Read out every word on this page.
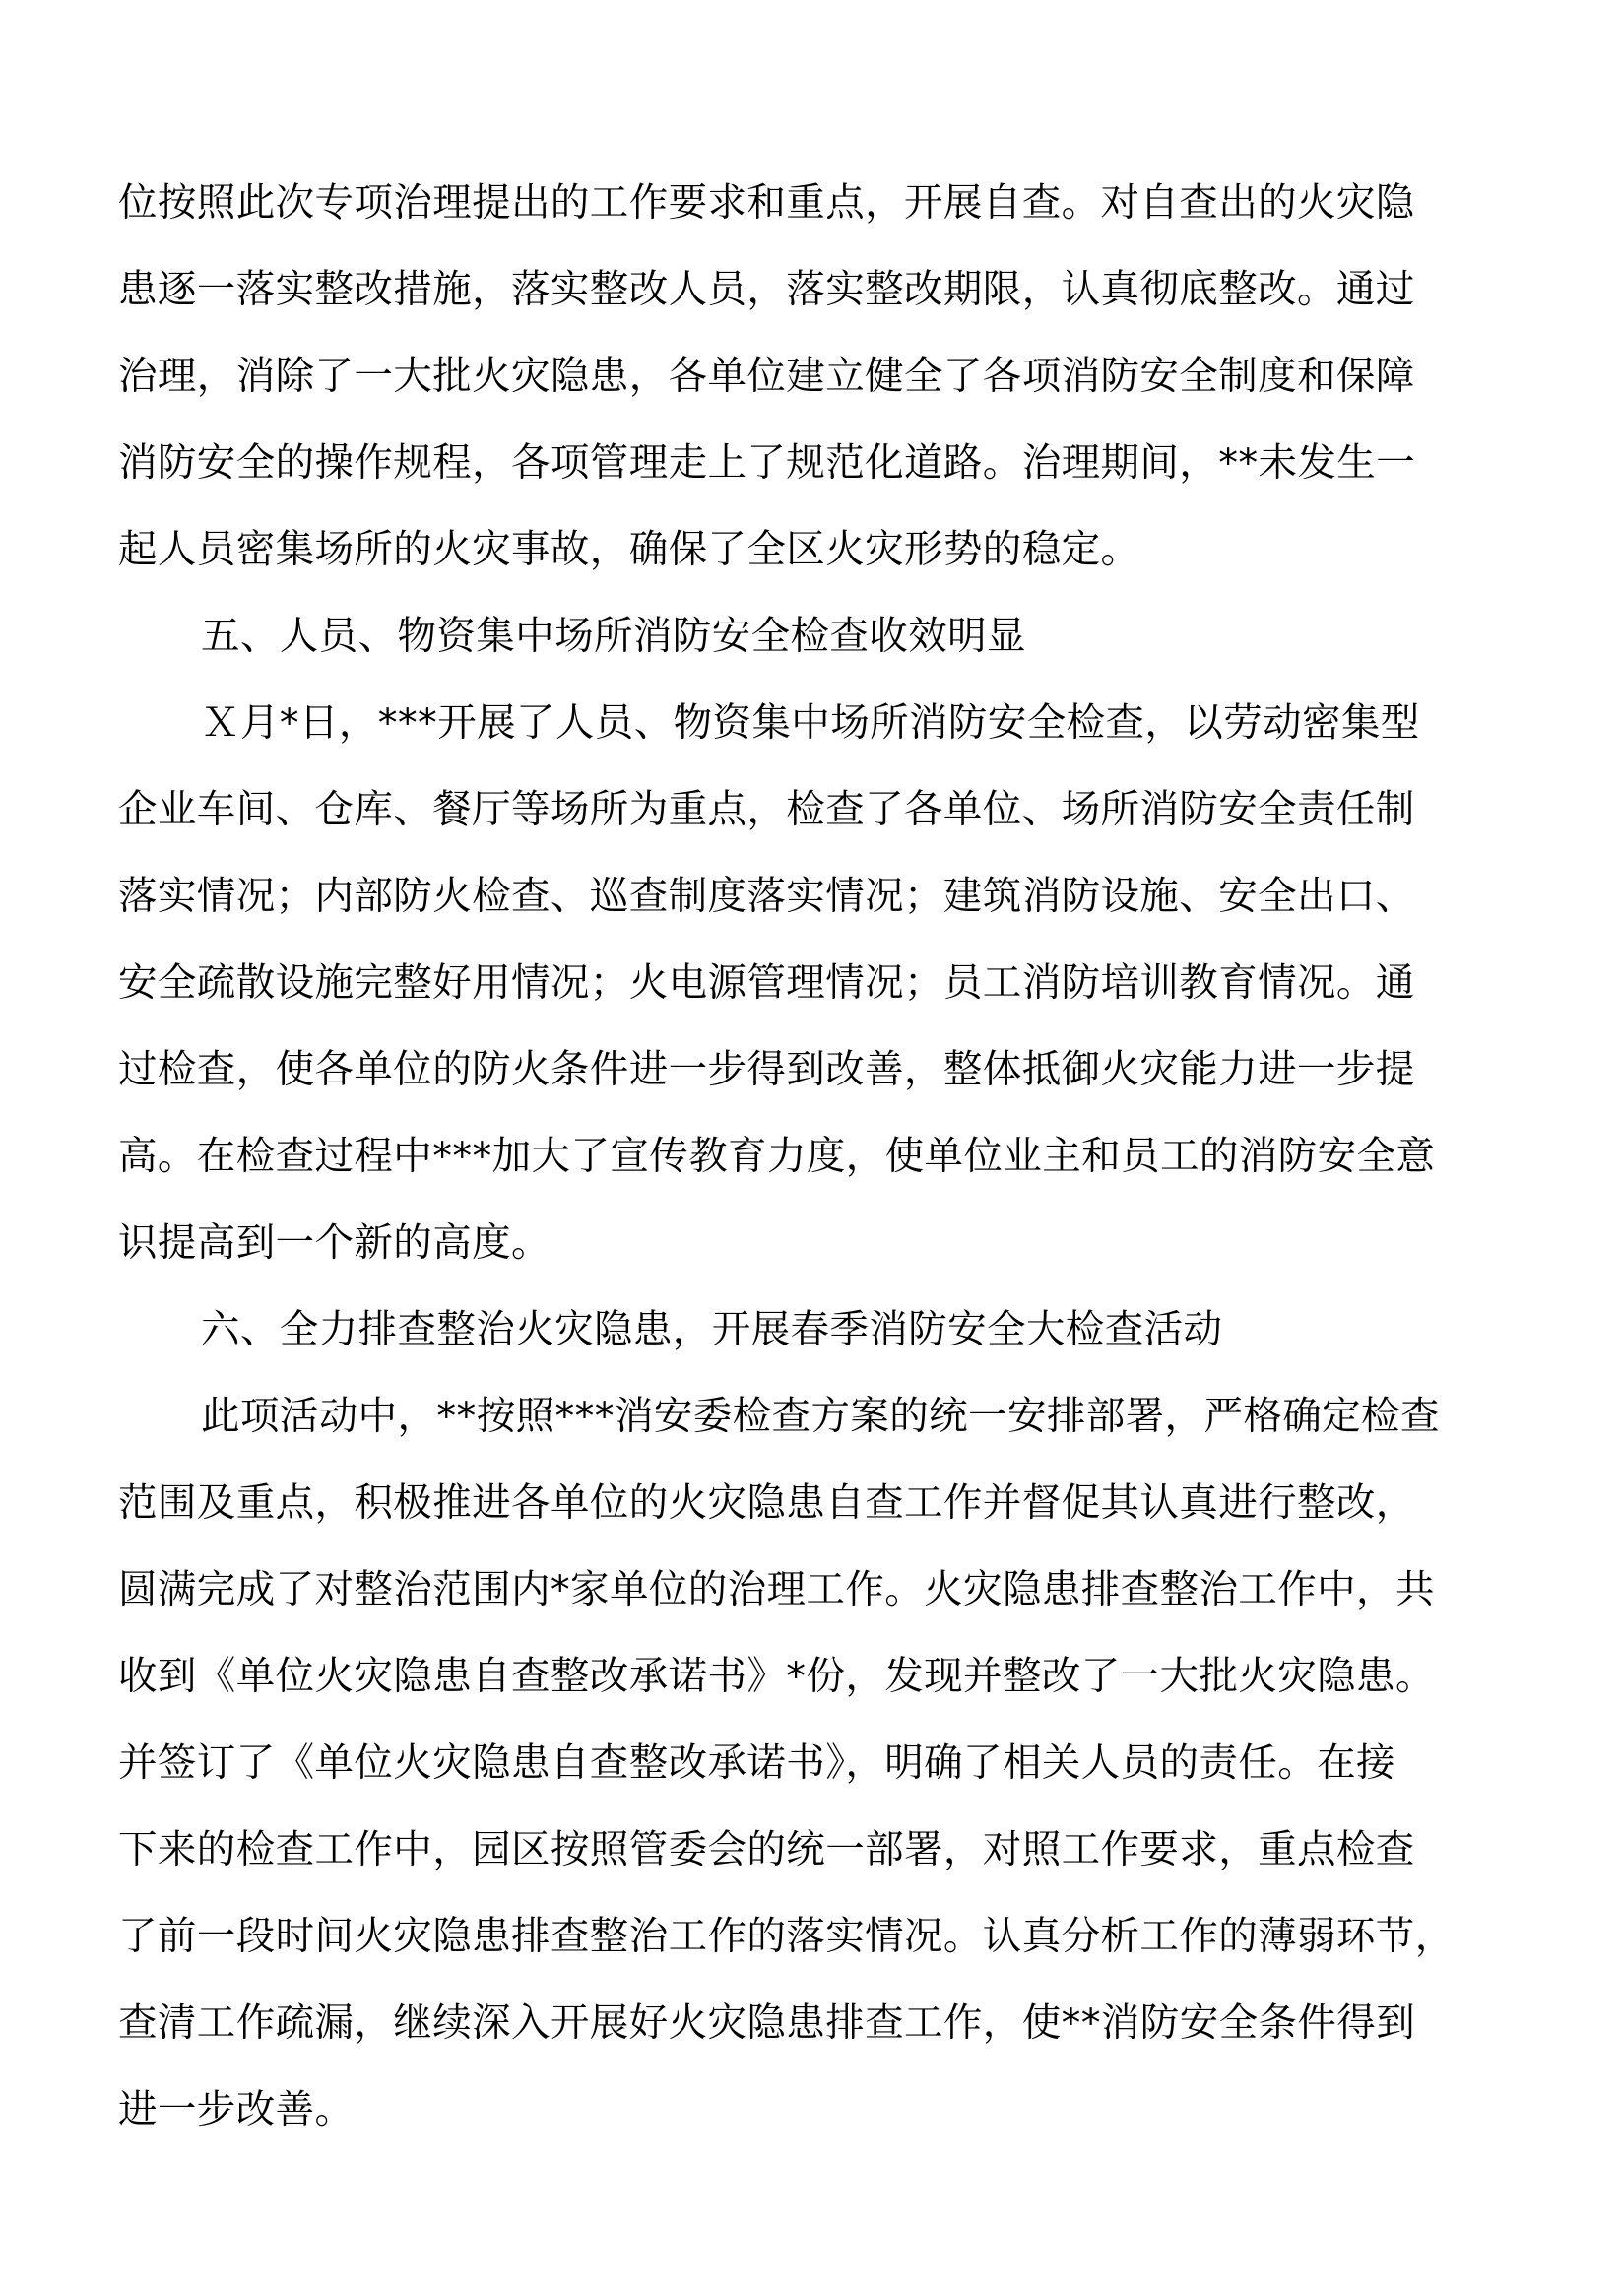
位按照此次专项治理提出的工作要求和重点，开展自查。对自查出的火灾隐
患逐一落实整改措施，落实整改人员，落实整改期限，认真彻底整改。通过
治理，消除了一大批火灾隐患，各单位建立健全了各项消防安全制度和保障
消防安全的操作规程，各项管理走上了规范化道路。治理期间，**未发生一
起人员密集场所的火灾事故，确保了全区火灾形势的稳定。
五、人员、物资集中场所消防安全检查收效明显
Ｘ月*日，***开展了人员、物资集中场所消防安全检查，以劳动密集型
企业车间、仓库、餐厅等场所为重点，检查了各单位、场所消防安全责任制
落实情况；内部防火检查、巡查制度落实情况；建筑消防设施、安全出口、
安全疏散设施完整好用情况；火电源管理情况；员工消防培训教育情况。通
过检查，使各单位的防火条件进一步得到改善，整体抵御火灾能力进一步提
高。在检查过程中***加大了宣传教育力度，使单位业主和员工的消防安全意
识提高到一个新的高度。
六、全力排查整治火灾隐患，开展春季消防安全大检查活动
此项活动中，**按照***消安委检查方案的统一安排部署，严格确定检查
范围及重点，积极推进各单位的火灾隐患自查工作并督促其认真进行整改，
圆满完成了对整治范围内*家单位的治理工作。火灾隐患排查整治工作中，共
收到《单位火灾隐患自查整改承诺书》*份，发现并整改了一大批火灾隐患。
并签订了《单位火灾隐患自查整改承诺书》，明确了相关人员的责任。在接
下来的检查工作中，园区按照管委会的统一部署，对照工作要求，重点检查
了前一段时间火灾隐患排查整治工作的落实情况。认真分析工作的薄弱环节，
查清工作疏漏，继续深入开展好火灾隐患排查工作，使**消防安全条件得到
进一步改善。
